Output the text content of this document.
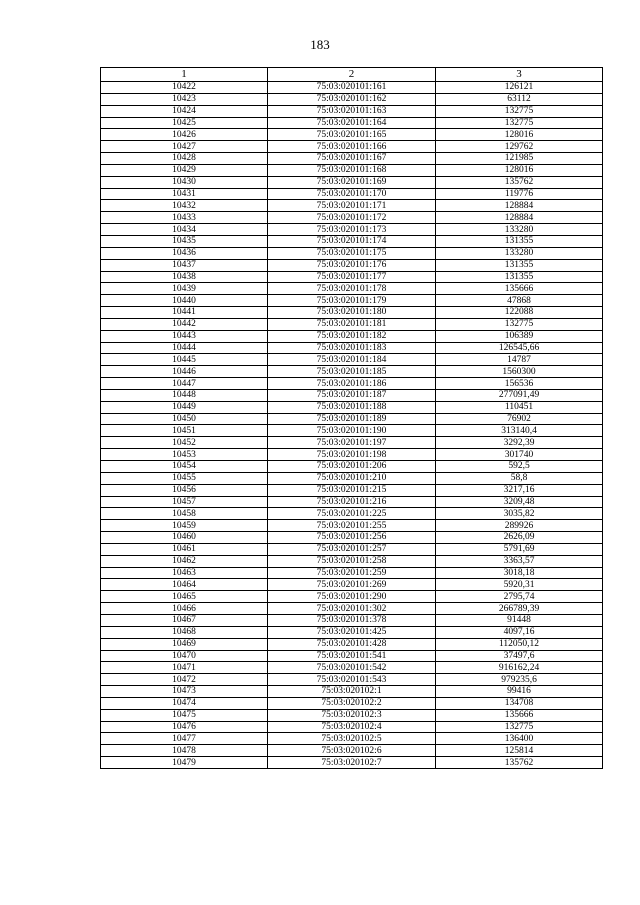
183
1	2	3
10422	75:03:020101:161	126121
10423	75:03:020101:162	63112
10424	75:03:020101:163	132775
10425	75:03:020101:164	132775
10426	75:03:020101:165	128016
10427	75:03:020101:166	129762
10428	75:03:020101:167	121985
10429	75:03:020101:168	128016
10430	75:03:020101:169	135762
10431	75:03:020101:170	119776
10432	75:03:020101:171	128884
10433	75:03:020101:172	128884
10434	75:03:020101:173	133280
10435	75:03:020101:174	131355
10436	75:03:020101:175	133280
10437	75:03:020101:176	131355
10438	75:03:020101:177	131355
10439	75:03:020101:178	135666
10440	75:03:020101:179	47868
10441	75:03:020101:180	122088
10442	75:03:020101:181	132775
10443	75:03:020101:182	106389
10444	75:03:020101:183	126545,66
10445	75:03:020101:184	14787
10446	75:03:020101:185	1560300
10447	75:03:020101:186	156536
10448	75:03:020101:187	277091,49
10449	75:03:020101:188	110451
10450	75:03:020101:189	76902
10451	75:03:020101:190	313140,4
10452	75:03:020101:197	3292,39
10453	75:03:020101:198	301740
10454	75:03:020101:206	592,5
10455	75:03:020101:210	58,8
10456	75:03:020101:215	3217,16
10457	75:03:020101:216	3209,48
10458	75:03:020101:225	3035,82
10459	75:03:020101:255	289926
10460	75:03:020101:256	2626,09
10461	75:03:020101:257	5791,69
10462	75:03:020101:258	3363,57
10463	75:03:020101:259	3018,18
10464	75:03:020101:269	5920,31
10465	75:03:020101:290	2795,74
10466	75:03:020101:302	266789,39
10467	75:03:020101:378	91448
10468	75:03:020101:425	4097,16
10469	75:03:020101:428	112050,12
10470	75:03:020101:541	37497,6
10471	75:03:020101:542	916162,24
10472	75:03:020101:543	979235,6
10473	75:03:020102:1	99416
10474	75:03:020102:2	134708
10475	75:03:020102:3	135666
10476	75:03:020102:4	132775
10477	75:03:020102:5	136400
10478	75:03:020102:6	125814
10479	75:03:020102:7	135762
